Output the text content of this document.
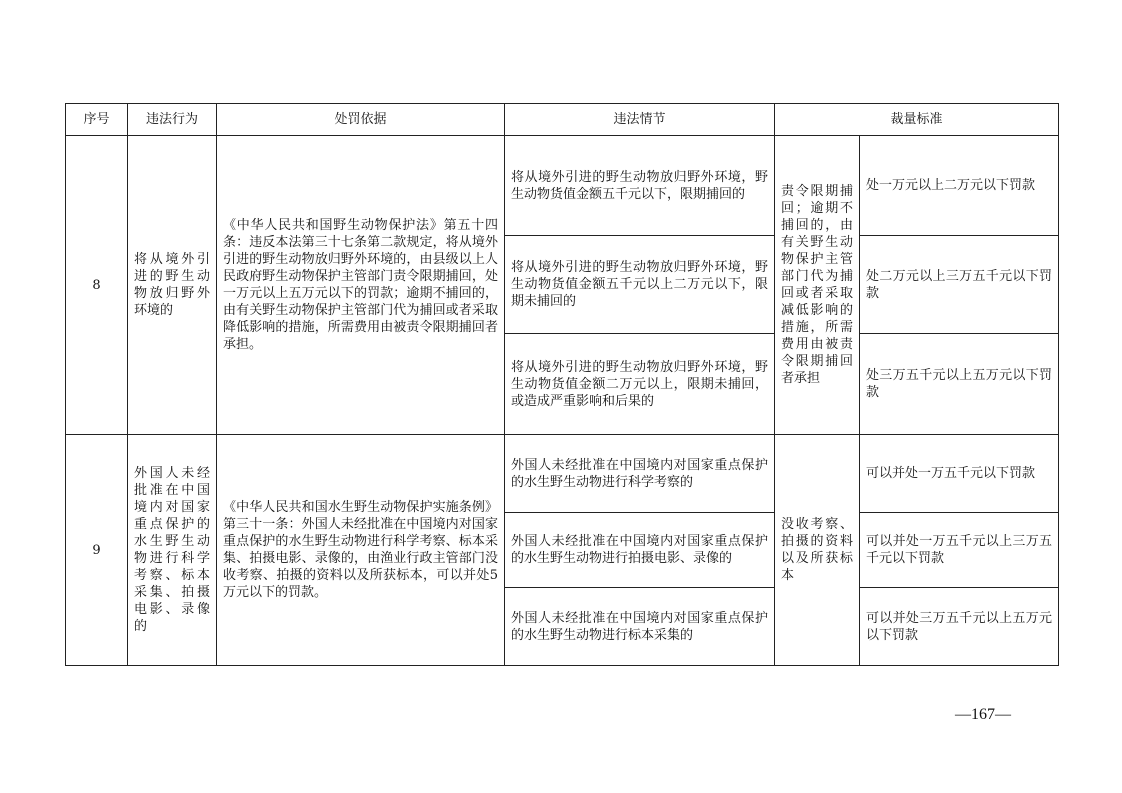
序号	违法行为	处罚依据	违法情节	裁量标准	
8	将从境外引进的野生动物放归野外环境的	《中华人民共和国野生动物保护法》第五十四条：违反本法第三十七条第二款规定，将从境外引进的野生动物放归野外环境的，由县级以上人民政府野生动物保护主管部门责令限期捕回，处一万元以上五万元以下的罚款；逾期不捕回的，由有关野生动物保护主管部门代为捕回或者采取降低影响的措施，所需费用由被责令限期捕回者承担。	将从境外引进的野生动物放归野外环境，野生动物货值金额五千元以下，限期捕回的	责令限期捕回；逾期不捕回的，由有关野生动物保护主管部门代为捕回或者采取减低影响的措施，所需费用由被责令限期捕回者承担	处一万元以上二万元以下罚款
			将从境外引进的野生动物放归野外环境，野生动物货值金额五千元以上二万元以下，限期未捕回的		处二万元以上三万五千元以下罚款
			将从境外引进的野生动物放归野外环境，野生动物货值金额二万元以上，限期未捕回，或造成严重影响和后果的		处三万五千元以上五万元以下罚款
9	外国人未经批准在中国境内对国家重点保护的水生野生动物进行科学考察、标本采集、拍摄电影、录像的	《中华人民共和国水生野生动物保护实施条例》第三十一条：外国人未经批准在中国境内对国家重点保护的水生野生动物进行科学考察、标本采集、拍摄电影、录像的，由渔业行政主管部门没收考察、拍摄的资料以及所获标本，可以并处5万元以下的罚款。	外国人未经批准在中国境内对国家重点保护的水生野生动物进行科学考察的	没收考察、拍摄的资料以及所获标本	可以并处一万五千元以下罚款
			外国人未经批准在中国境内对国家重点保护的水生野生动物进行拍摄电影、录像的		可以并处一万五千元以上三万五千元以下罚款
			外国人未经批准在中国境内对国家重点保护的水生野生动物进行标本采集的		可以并处三万五千元以上五万元以下罚款
—167—
